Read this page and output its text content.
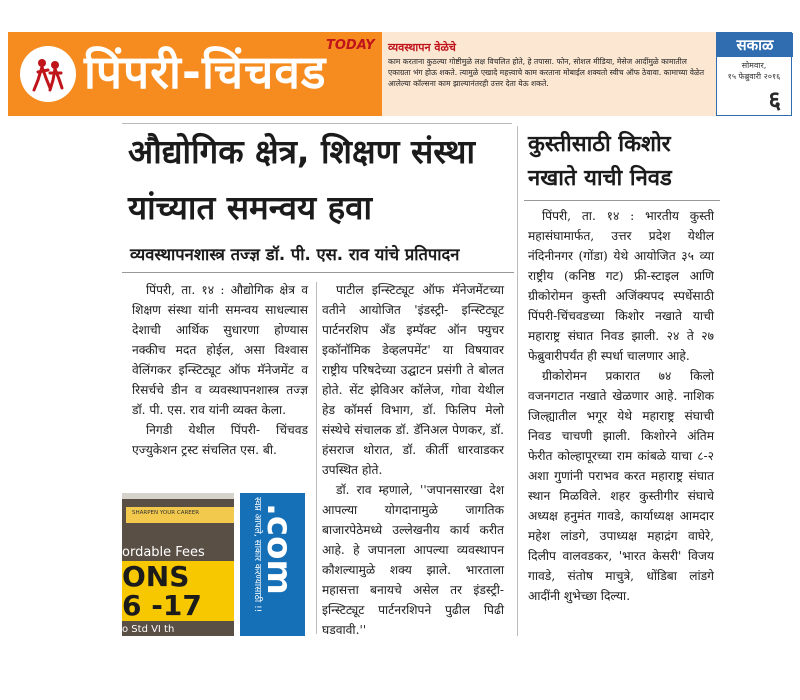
पिंपरी-चिंचवड TODAY व्यवस्थापन वेळेचे
काम करताना कुठल्या गोष्टीमुळे लक्ष विचलित होते, हे तपासा. फोन, सोशल मीडिया, मेसेज आदींमुळे कामातील एकाग्रता भंग होऊ शकते. त्यामुळे एखादे महत्त्वाचे काम करताना मोबाईल शक्यतो स्वीच ऑफ ठेवावा. कामाच्या वेळेत आलेल्या कॉल्सना काम झाल्यानंतरही उत्तर देता येऊ शकते.
सकाळ
सोमवार,
१५ फेब्रुवारी २०१६
६
औद्योगिक क्षेत्र, शिक्षण संस्था
यांच्यात समन्वय हवा
व्यवस्थापनशास्त्र तज्ज्ञ डॉ. पी. एस. राव यांचे प्रतिपादन

पिंपरी, ता. १४ : औद्योगिक क्षेत्र व शिक्षण संस्था यांनी समन्वय साधल्यास देशाची आर्थिक सुधारणा होण्यास नक्कीच मदत होईल, असा विश्वास वेलिंगकर इन्स्टिट्यूट ऑफ मॅनेजमेंट व रिसर्चचे डीन व व्यवस्थापनशास्त्र तज्ज्ञ डॉ. पी. एस. राव यांनी व्यक्त केला.

निगडी येथील पिंपरी- चिंचवड एज्युकेशन ट्रस्ट संचलित एस. बी.

पाटील इन्स्टिट्यूट ऑफ मॅनेजमेंटच्या वतीने आयोजित 'इंडस्ट्री- इन्स्टिट्यूट पार्टनरशिप अँड इम्पॅक्ट ऑन फ्युचर इकॉनॉमिक डेव्हलपमेंट' या विषयावर राष्ट्रीय परिषदेच्या उद्घाटन प्रसंगी ते बोलत होते. सेंट झेविअर कॉलेज, गोवा येथील हेड कॉमर्स विभाग, डॉ. फिलिप मेलो संस्थेचे संचालक डॉ. डॅनिअल पेणकर, डॉ. हंसराज थोरात, डॉ. कीर्ती धारवाडकर उपस्थित होते.

डॉ. राव म्हणाले, ''जपानसारखा देश आपल्या योगदानामुळे जागतिक बाजारपेठेमध्ये उल्लेखनीय कार्य करीत आहे. हे जपानला आपल्या व्यवस्थापन कौशल्यामुळे शक्य झाले. भारताला महासत्ता बनायचे असेल तर इंडस्ट्री- इन्स्टिट्यूट पार्टनरशिपने पुढील पिढी घडवावी.''

SHARPEN YOUR CAREER
ordable Fees
ONS
6 -17
o Std VI th
स्वप्न आपले, साकार करण्यासाठी !!
.com
कुस्तीसाठी किशोर
नखाते याची निवड

पिंपरी, ता. १४ : भारतीय कुस्ती महासंघामार्फत, उत्तर प्रदेश येथील नंदिनीनगर (गोंडा) येथे आयोजित ३५ व्या राष्ट्रीय (कनिष्ठ गट) फ्री-स्टाइल आणि ग्रीकोरोमन कुस्ती अजिंक्यपद स्पर्धेसाठी पिंपरी-चिंचवडच्या किशोर नखाते याची महाराष्ट्र संघात निवड झाली. २४ ते २७ फेब्रुवारीपर्यंत ही स्पर्धा चालणार आहे.

ग्रीकोरोमन प्रकारात ७४ किलो वजनगटात नखाते खेळणार आहे. नाशिक जिल्ह्यातील भगूर येथे महाराष्ट्र संघाची निवड चाचणी झाली. किशोरने अंतिम फेरीत कोल्हापूरच्या राम कांबळे याचा ८-२ अशा गुणांनी पराभव करत महाराष्ट्र संघात स्थान मिळविले. शहर कुस्तीगीर संघाचे अध्यक्ष हनुमंत गावडे, कार्याध्यक्ष आमदार महेश लांडगे, उपाध्यक्ष महाद्रंग वाघेरे, दिलीप वालवडकर, 'भारत केसरी' विजय गावडे, संतोष माचुत्रे, धोंडिबा लांडगे आदींनी शुभेच्छा दिल्या.
